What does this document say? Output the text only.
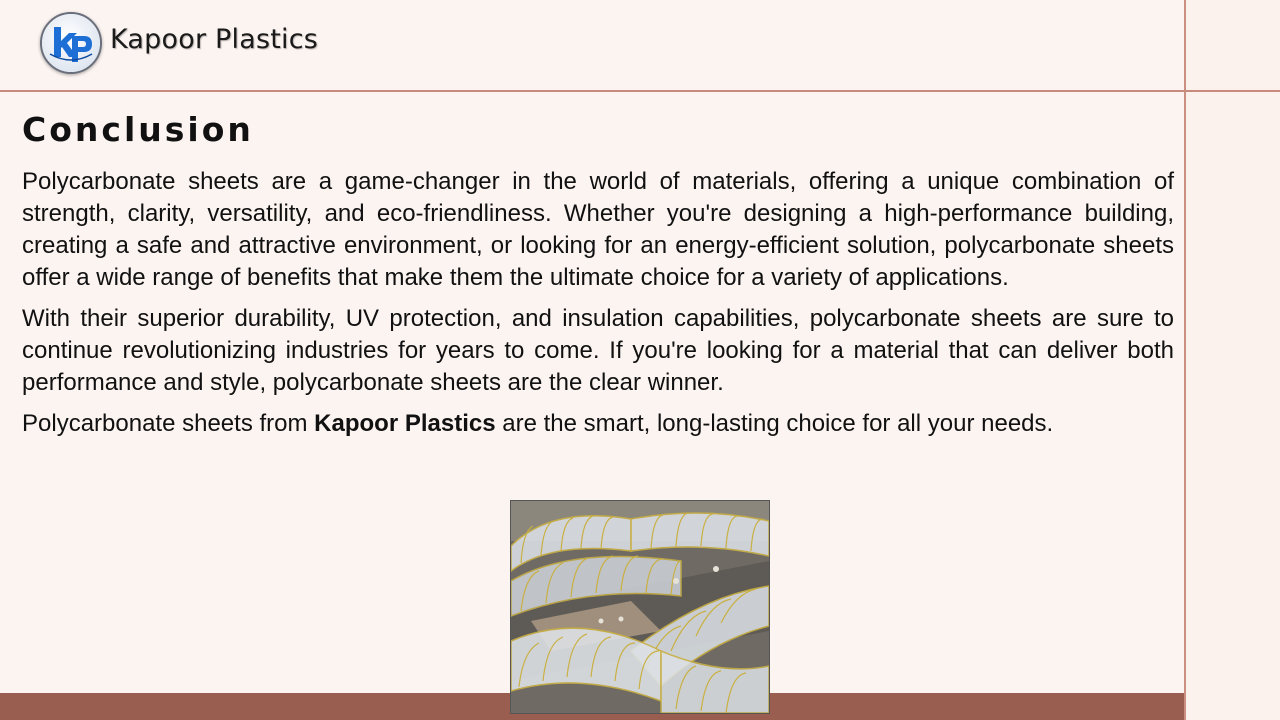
Kapoor Plastics
Conclusion

Polycarbonate sheets are a game-changer in the world of materials, offering a unique combination of strength, clarity, versatility, and eco-friendliness. Whether you're designing a high-performance building, creating a safe and attractive environment, or looking for an energy-efficient solution, polycarbonate sheets offer a wide range of benefits that make them the ultimate choice for a variety of applications.

With their superior durability, UV protection, and insulation capabilities, polycarbonate sheets are sure to continue revolutionizing industries for years to come. If you're looking for a material that can deliver both performance and style, polycarbonate sheets are the clear winner.

Polycarbonate sheets from Kapoor Plastics are the smart, long-lasting choice for all your needs.
